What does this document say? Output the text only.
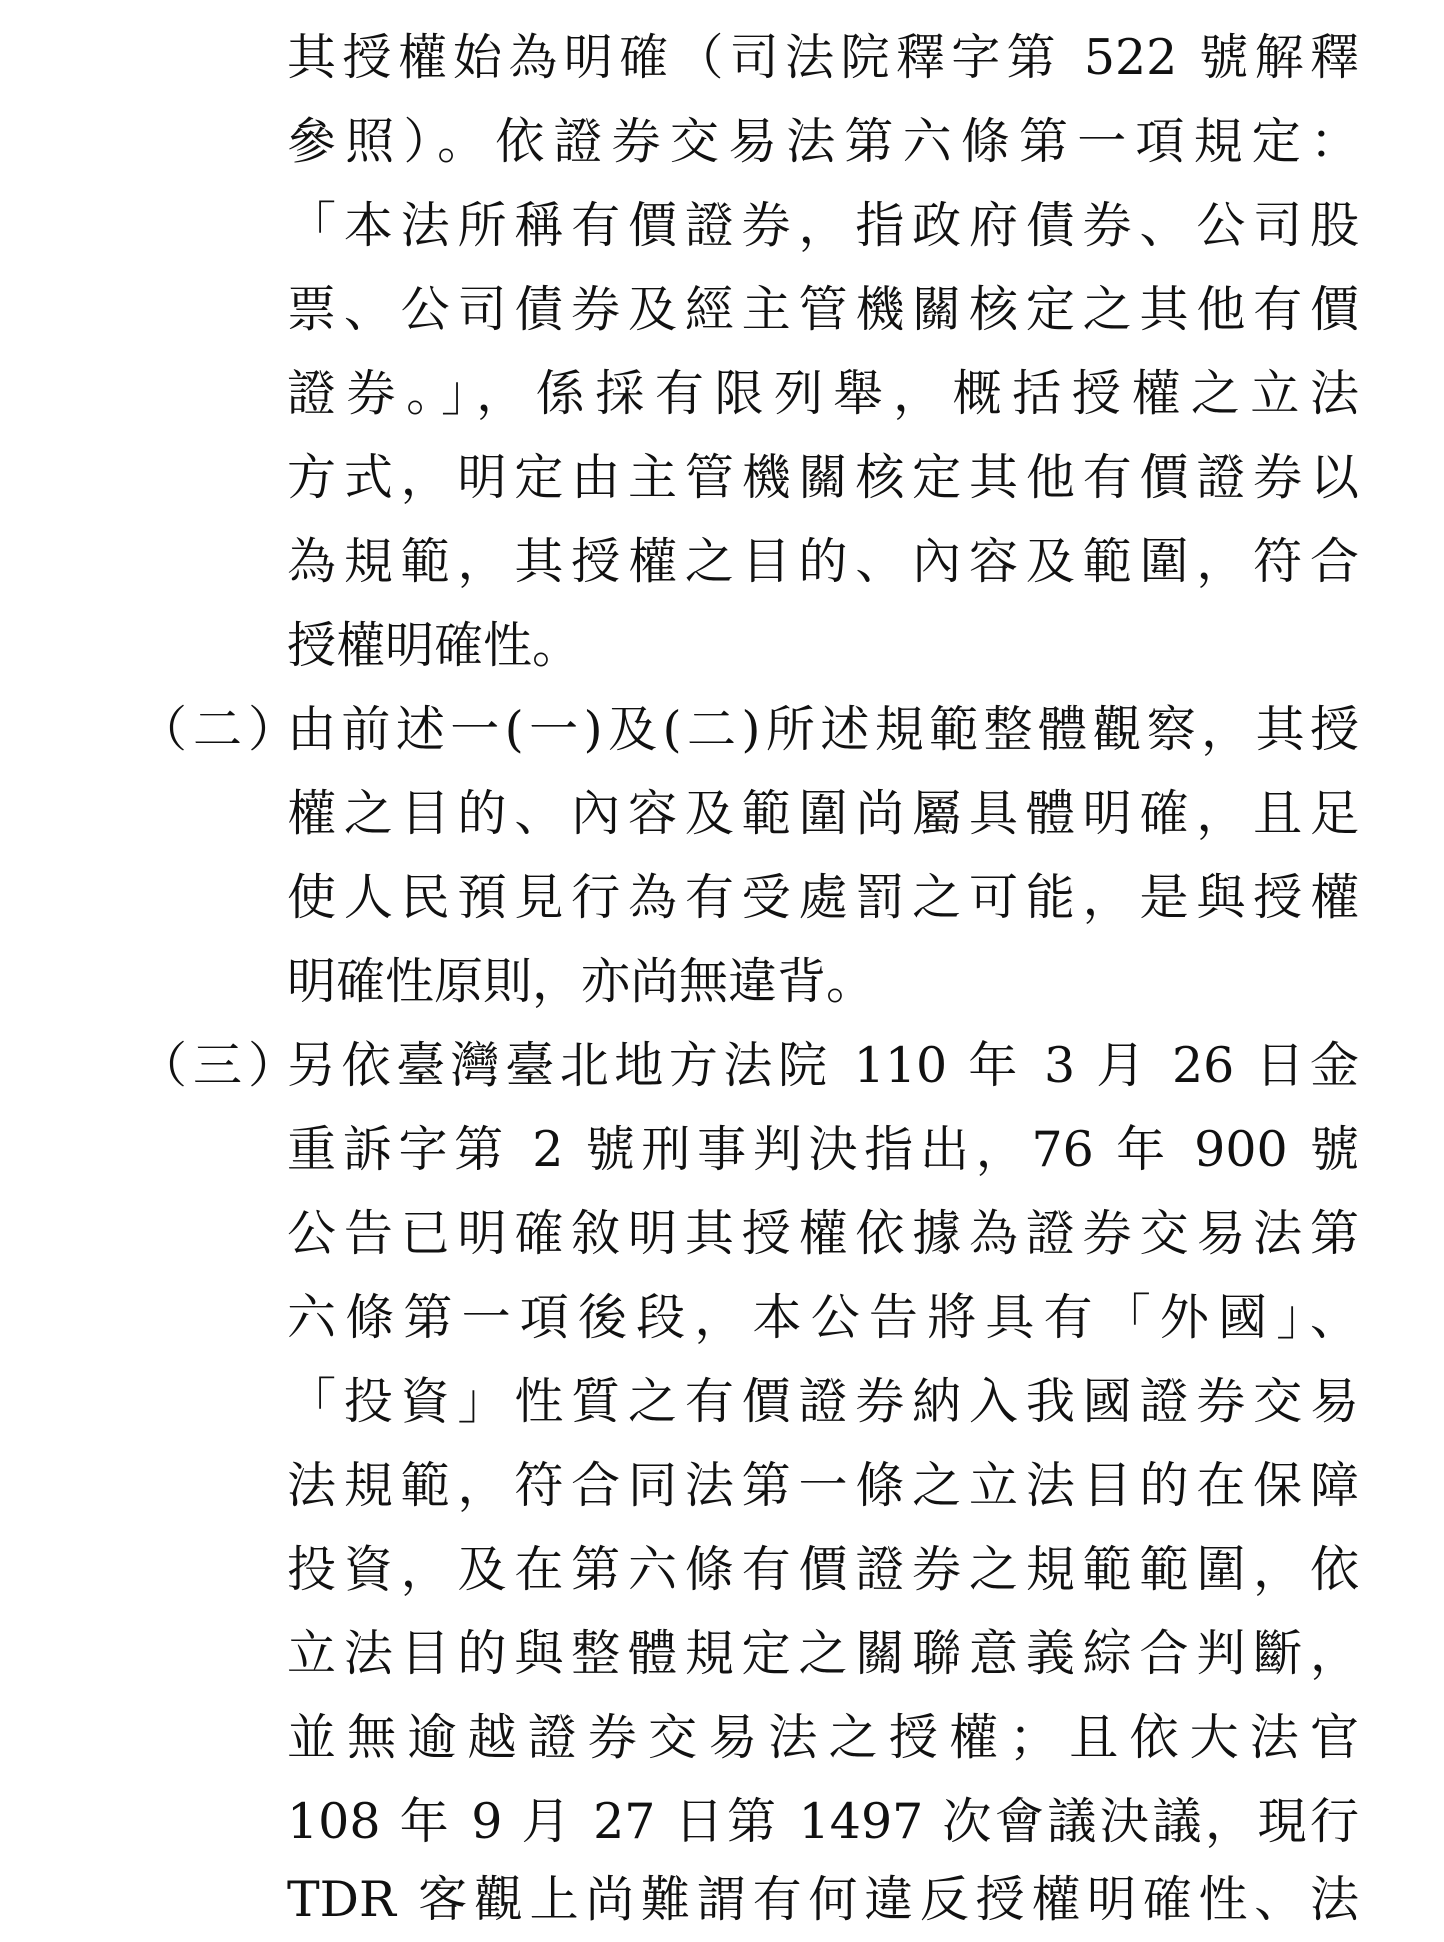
其授權始為明確（司法院釋字第 522 號解釋
參照）。依證券交易法第六條第一項規定：
「本法所稱有價證券，指政府債券、公司股
票、公司債券及經主管機關核定之其他有價
證券。」，係採有限列舉，概括授權之立法
方式，明定由主管機關核定其他有價證券以
為規範，其授權之目的、內容及範圍，符合
授權明確性。
（二）
由前述一(一)及(二)所述規範整體觀察，其授
權之目的、內容及範圍尚屬具體明確，且足
使人民預見行為有受處罰之可能，是與授權
明確性原則，亦尚無違背。
（三）
另依臺灣臺北地方法院 110 年 3 月 26 日金
重訴字第 2 號刑事判決指出，76 年 900 號
公告已明確敘明其授權依據為證券交易法第
六條第一項後段，本公告將具有「外國」、
「投資」性質之有價證券納入我國證券交易
法規範，符合同法第一條之立法目的在保障
投資，及在第六條有價證券之規範範圍，依
立法目的與整體規定之關聯意義綜合判斷，
並無逾越證券交易法之授權；且依大法官
108 年 9 月 27 日第 1497 次會議決議，現行
TDR 客觀上尚難謂有何違反授權明確性、法
